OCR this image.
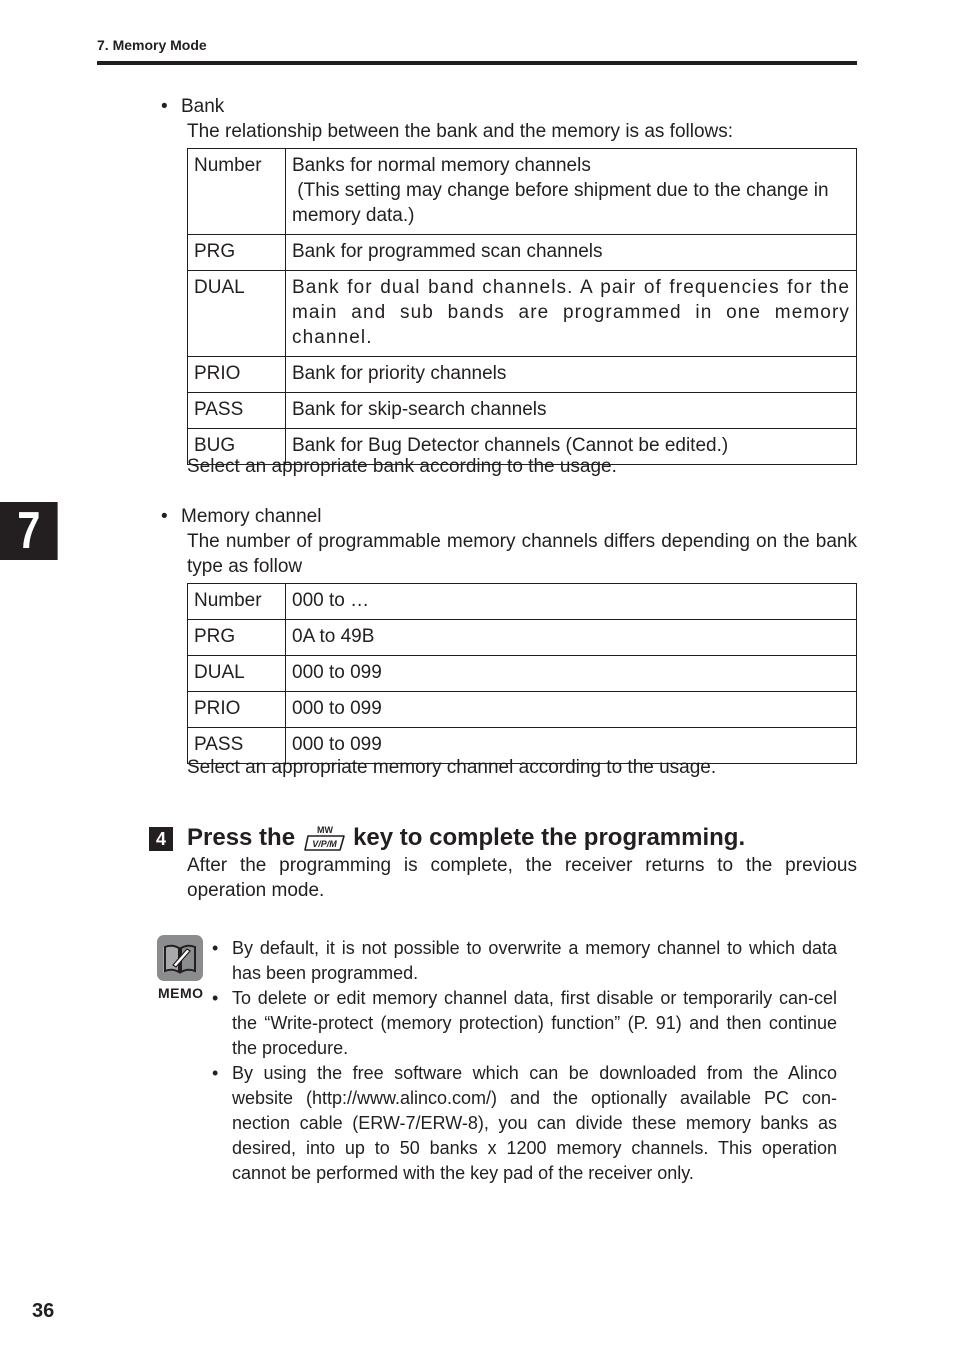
7. Memory Mode
7
• Bank
The relationship between the bank and the memory is as follows:
Number	Banks for normal memory channels
(This setting may change before shipment due to the change in memory data.)

PRG	Bank for programmed scan channels
DUAL	Bank for dual band channels. A pair of frequencies for the main and sub bands are programmed in one memory channel.
PRIO	Bank for priority channels
PASS	Bank for skip-search channels
BUG	Bank for Bug Detector channels (Cannot be edited.)
Select an appropriate bank according to the usage.
• Memory channel
The number of programmable memory channels differs depending on the bank type as follow
Number	000 to …
PRG	0A to 49B
DUAL	000 to 099
PRIO	000 to 099
PASS	000 to 099
Select an appropriate memory channel according to the usage.
4 Press the MW
V/P/M key to complete the programming.
After the programming is complete, the receiver returns to the previous operation mode.
MEMO
• By default, it is not possible to overwrite a memory channel to which data has been programmed.
• To delete or edit memory channel data, first disable or temporarily can-cel the “Write-protect (memory protection) function” (P. 91) and then continue the procedure.
• By using the free software which can be downloaded from the Alinco website (http://www.alinco.com/) and the optionally available PC con-nection cable (ERW-7/ERW-8), you can divide these memory banks as desired, into up to 50 banks x 1200 memory channels. This operation cannot be performed with the key pad of the receiver only.
36
